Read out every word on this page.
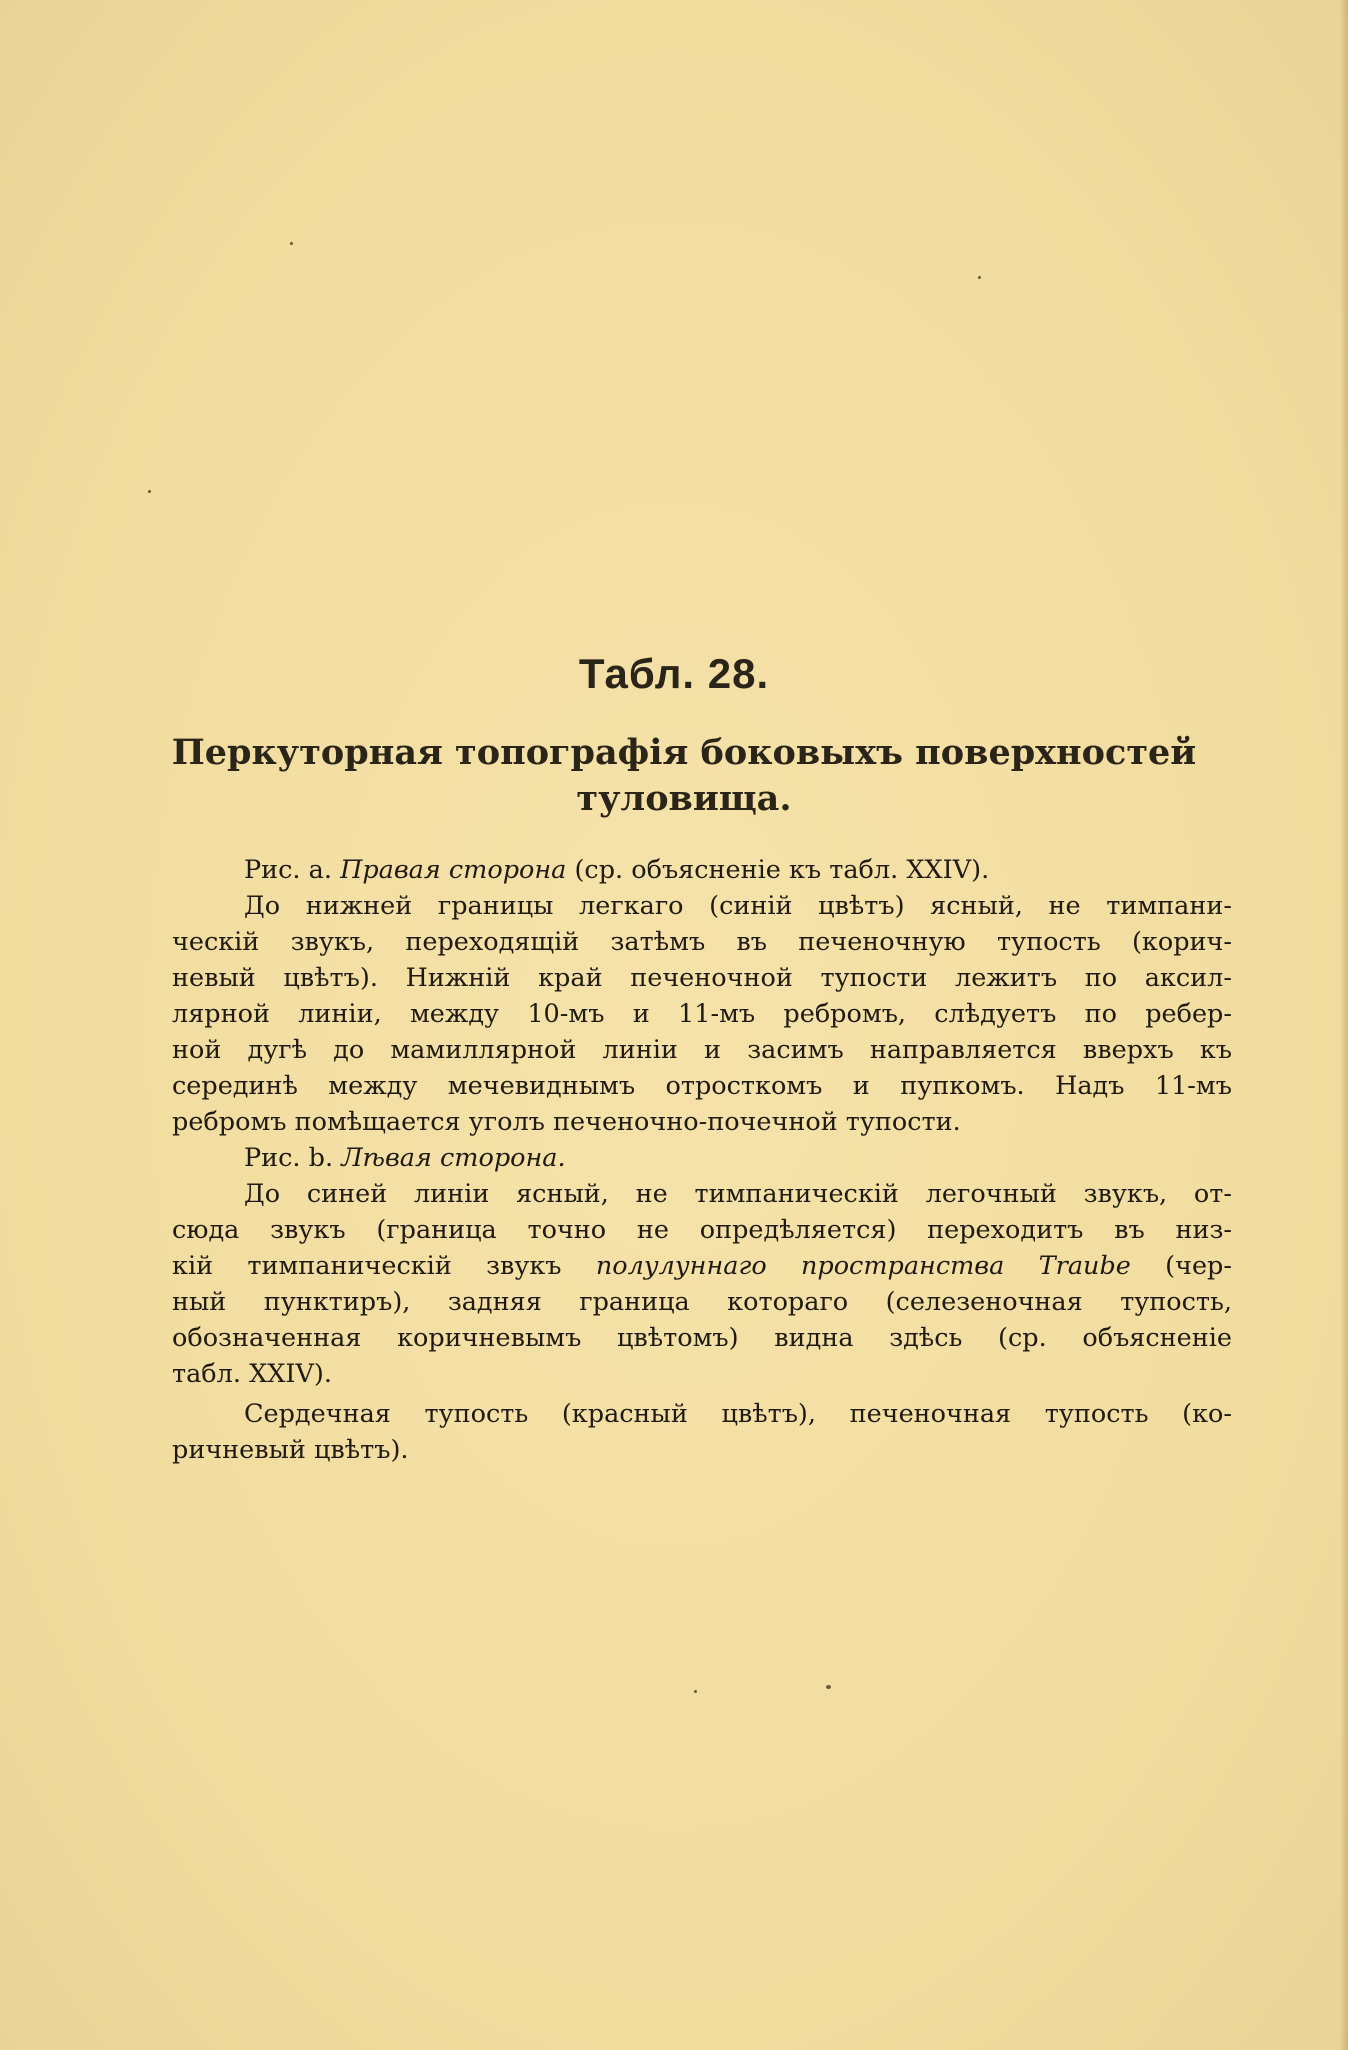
Табл. 28.
Перкуторная топографія боковыхъ поверхностей
туловища.
Рис. а. Правая сторона (ср. объясненіе къ табл. XXIV).
До нижней границы легкаго (синій цвѣтъ) ясный, не тимпани-
ческій звукъ, переходящій затѣмъ въ печеночную тупость (корич-
невый цвѣтъ). Нижній край печеночной тупости лежитъ по аксил-
лярной линіи, между 10-мъ и 11-мъ ребромъ, слѣдуетъ по ребер-
ной дугѣ до мамиллярной линіи и засимъ направляется вверхъ къ
серединѣ между мечевиднымъ отросткомъ и пупкомъ. Надъ 11-мъ
ребромъ помѣщается уголъ печеночно-почечной тупости.
Рис. b. Лѣвая сторона.
До синей линіи ясный, не тимпаническій легочный звукъ, от-
сюда звукъ (граница точно не опредѣляется) переходитъ въ низ-
кій тимпаническій звукъ полулуннаго пространства Traube (чер-
ный пунктиръ), задняя граница котораго (селезеночная тупость,
обозначенная коричневымъ цвѣтомъ) видна здѣсь (ср. объясненіе
табл. XXIV).
Сердечная тупость (красный цвѣтъ), печеночная тупость (ко-
ричневый цвѣтъ).
